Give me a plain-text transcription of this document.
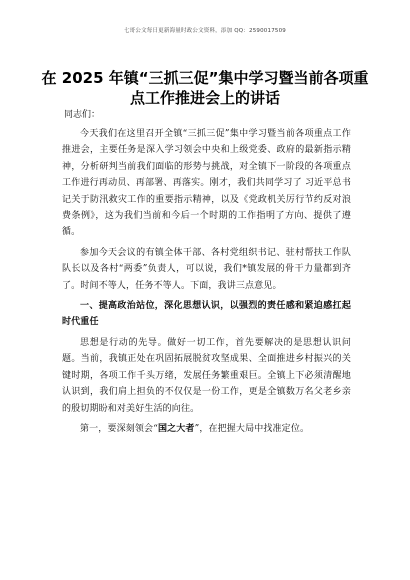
七哥公文每日更新海量时政公文资料，添加 QQ：2590017509
在 2025 年镇“三抓三促”集中学习暨当前各项重点工作推进会上的讲话
同志们：

今天我们在这里召开全镇“三抓三促”集中学习暨当前各项重点工作推进会，主要任务是深入学习领会中央和上级党委、政府的最新指示精神，分析研判当前我们面临的形势与挑战，对全镇下一阶段的各项重点工作进行再动员、再部署、再落实。刚才，我们共同学习了 习近平总书记关于防汛救灾工作的重要指示精神，以及《党政机关厉行节约反对浪费条例》，这为我们当前和今后一个时期的工作指明了方向、提供了遵循。

参加今天会议的有镇全体干部、各村党组织书记、驻村帮扶工作队队长以及各村“两委”负责人，可以说，我们*镇发展的骨干力量都到齐了。时间不等人，任务不等人。下面，我讲三点意见。

一、提高政治站位，深化思想认识，以强烈的责任感和紧迫感扛起时代重任

思想是行动的先导。做好一切工作，首先要解决的是思想认识问题。当前，我镇正处在巩固拓展脱贫攻坚成果、全面推进乡村振兴的关键时期，各项工作千头万绪，发展任务繁重艰巨。全镇上下必须清醒地认识到，我们肩上担负的不仅仅是一份工作，更是全镇数万名父老乡亲的殷切期盼和对美好生活的向往。

第一，要深刻领会“国之大者”，在把握大局中找准定位。
